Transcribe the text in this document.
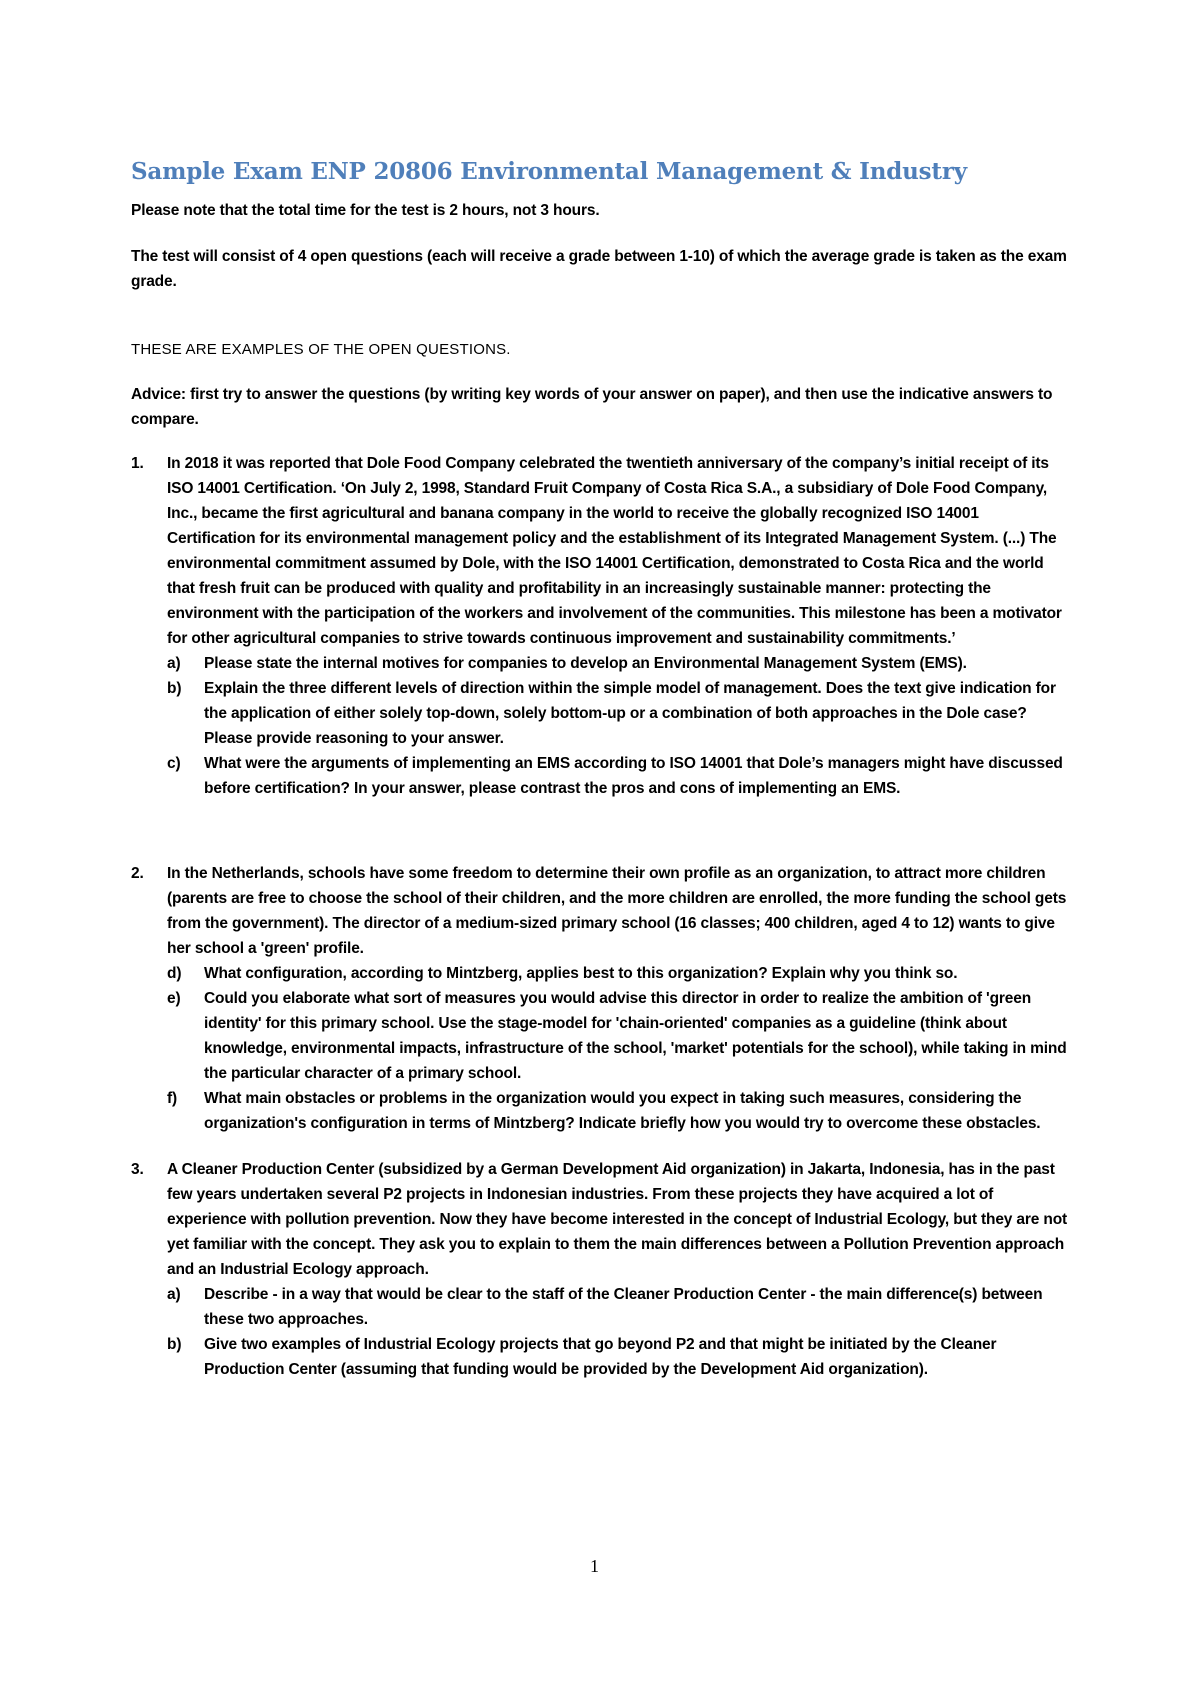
Sample Exam ENP 20806 Environmental Management & Industry
Please note that the total time for the test is 2 hours, not 3 hours.
The test will consist of 4 open questions (each will receive a grade between 1-10) of which the average grade is taken as the exam grade.
THESE ARE EXAMPLES OF THE OPEN QUESTIONS.
Advice: first try to answer the questions (by writing key words of your answer on paper), and then use the indicative answers to compare.
1. In 2018 it was reported that Dole Food Company celebrated the twentieth anniversary of the company’s initial receipt of its ISO 14001 Certification. ‘On July 2, 1998, Standard Fruit Company of Costa Rica S.A., a subsidiary of Dole Food Company, Inc., became the first agricultural and banana company in the world to receive the globally recognized ISO 14001 Certification for its environmental management policy and the establishment of its Integrated Management System. (...) The environmental commitment assumed by Dole, with the ISO 14001 Certification, demonstrated to Costa Rica and the world that fresh fruit can be produced with quality and profitability in an increasingly sustainable manner: protecting the environment with the participation of the workers and involvement of the communities. This milestone has been a motivator for other agricultural companies to strive towards continuous improvement and sustainability commitments.’
a) Please state the internal motives for companies to develop an Environmental Management System (EMS).
b) Explain the three different levels of direction within the simple model of management. Does the text give indication for the application of either solely top-down, solely bottom-up or a combination of both approaches in the Dole case? Please provide reasoning to your answer.
c) What were the arguments of implementing an EMS according to ISO 14001 that Dole’s managers might have discussed before certification? In your answer, please contrast the pros and cons of implementing an EMS.
2. In the Netherlands, schools have some freedom to determine their own profile as an organization, to attract more children (parents are free to choose the school of their children, and the more children are enrolled, the more funding the school gets from the government). The director of a medium-sized primary school (16 classes; 400 children, aged 4 to 12) wants to give her school a 'green' profile.
d) What configuration, according to Mintzberg, applies best to this organization? Explain why you think so.
e) Could you elaborate what sort of measures you would advise this director in order to realize the ambition of 'green identity' for this primary school. Use the stage-model for 'chain-oriented' companies as a guideline (think about knowledge, environmental impacts, infrastructure of the school, 'market' potentials for the school), while taking in mind the particular character of a primary school.
f) What main obstacles or problems in the organization would you expect in taking such measures, considering the organization's configuration in terms of Mintzberg? Indicate briefly how you would try to overcome these obstacles.
3. A Cleaner Production Center (subsidized by a German Development Aid organization) in Jakarta, Indonesia, has in the past few years undertaken several P2 projects in Indonesian industries. From these projects they have acquired a lot of experience with pollution prevention. Now they have become interested in the concept of Industrial Ecology, but they are not yet familiar with the concept. They ask you to explain to them the main differences between a Pollution Prevention approach and an Industrial Ecology approach.
a) Describe - in a way that would be clear to the staff of the Cleaner Production Center - the main difference(s) between these two approaches.
b) Give two examples of Industrial Ecology projects that go beyond P2 and that might be initiated by the Cleaner Production Center (assuming that funding would be provided by the Development Aid organization).
1
